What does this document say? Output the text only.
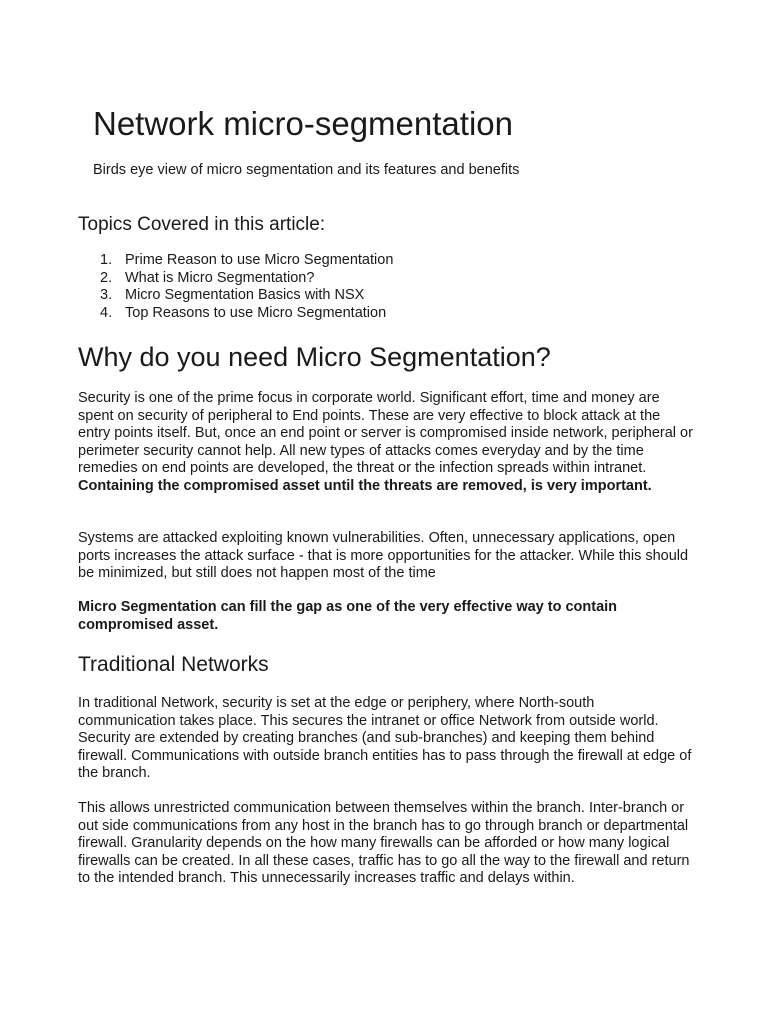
Network micro-segmentation

Birds eye view of micro segmentation and its features and benefits

Topics Covered in this article:
1. Prime Reason to use Micro Segmentation
2. What is Micro Segmentation?
3. Micro Segmentation Basics with NSX
4. Top Reasons to use Micro Segmentation
Why do you need Micro Segmentation?

Security is one of the prime focus in corporate world. Significant effort, time and money are spent on security of peripheral to End points. These are very effective to block attack at the entry points itself. But, once an end point or server is compromised inside network, peripheral or perimeter security cannot help. All new types of attacks comes everyday and by the time remedies on end points are developed, the threat or the infection spreads within intranet. Containing the compromised asset until the threats are removed, is very important.

Systems are attacked exploiting known vulnerabilities. Often, unnecessary applications, open ports increases the attack surface - that is more opportunities for the attacker. While this should be minimized, but still does not happen most of the time

Micro Segmentation can fill the gap as one of the very effective way to contain compromised asset.

Traditional Networks

In traditional Network, security is set at the edge or periphery, where North-south communication takes place. This secures the intranet or office Network from outside world. Security are extended by creating branches (and sub-branches) and keeping them behind firewall. Communications with outside branch entities has to pass through the firewall at edge of the branch.

This allows unrestricted communication between themselves within the branch. Inter-branch or out side communications from any host in the branch has to go through branch or departmental firewall. Granularity depends on the how many firewalls can be afforded or how many logical firewalls can be created. In all these cases, traffic has to go all the way to the firewall and return to the intended branch. This unnecessarily increases traffic and delays within.
